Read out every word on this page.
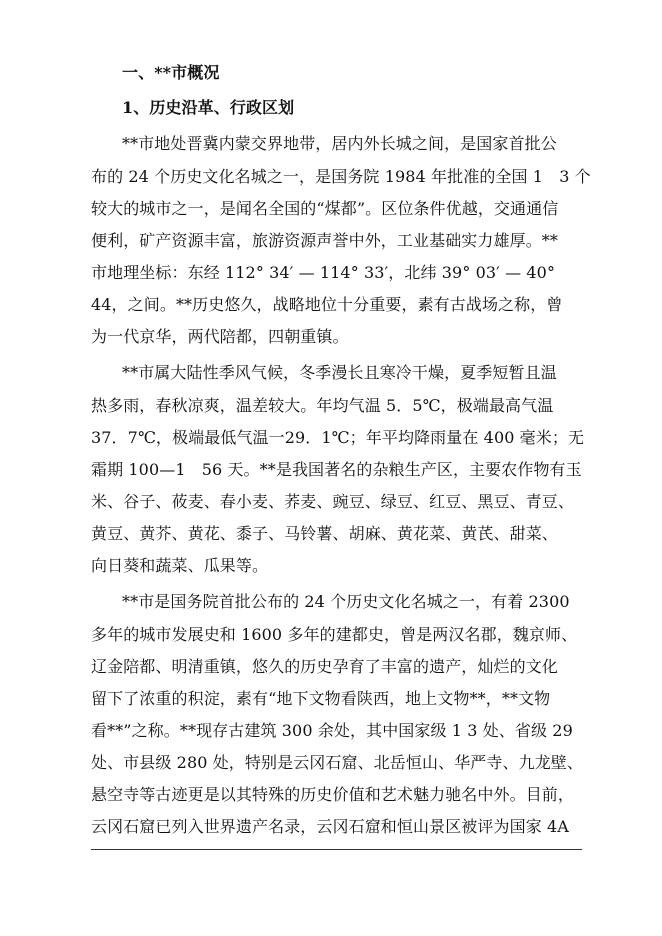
一、**市概况
1、历史沿革、行政区划
**市地处晋冀内蒙交界地带，居内外长城之间，是国家首批公
布的 24 个历史文化名城之一，是国务院 1984 年批准的全国 1　3 个
较大的城市之一，是闻名全国的“煤都”。区位条件优越，交通通信
便利，矿产资源丰富，旅游资源声誉中外，工业基础实力雄厚。**
市地理坐标：东经 112° 34′ — 114° 33′，北纬 39° 03′ — 40°
44，之间。**历史悠久，战略地位十分重要，素有古战场之称，曾
为一代京华，两代陪都，四朝重镇。
**市属大陆性季风气候，冬季漫长且寒冷干燥，夏季短暂且温
热多雨，春秋凉爽，温差较大。年均气温 5．5℃，极端最高气温
37．7℃，极端最低气温一29．1℃；年平均降雨量在 400 毫米；无
霜期 100—1　56 天。**是我国著名的杂粮生产区，主要农作物有玉
米、谷子、莜麦、春小麦、荞麦、豌豆、绿豆、红豆、黑豆、青豆、
黄豆、黄芥、黄花、黍子、马铃薯、胡麻、黄花菜、黄芪、甜菜、
向日葵和蔬菜、瓜果等。
**市是国务院首批公布的 24 个历史文化名城之一，有着 2300
多年的城市发展史和 1600 多年的建都史，曾是两汉名郡，魏京师、
辽金陪都、明清重镇，悠久的历史孕育了丰富的遗产，灿烂的文化
留下了浓重的积淀，素有“地下文物看陕西，地上文物**，**文物
看**”之称。**现存古建筑 300 余处，其中国家级 1 3 处、省级 29
处、市县级 280 处，特别是云冈石窟、北岳恒山、华严寺、九龙壁、
悬空寺等古迹更是以其特殊的历史价值和艺术魅力驰名中外。目前，
云冈石窟已列入世界遗产名录，云冈石窟和恒山景区被评为国家 4A
